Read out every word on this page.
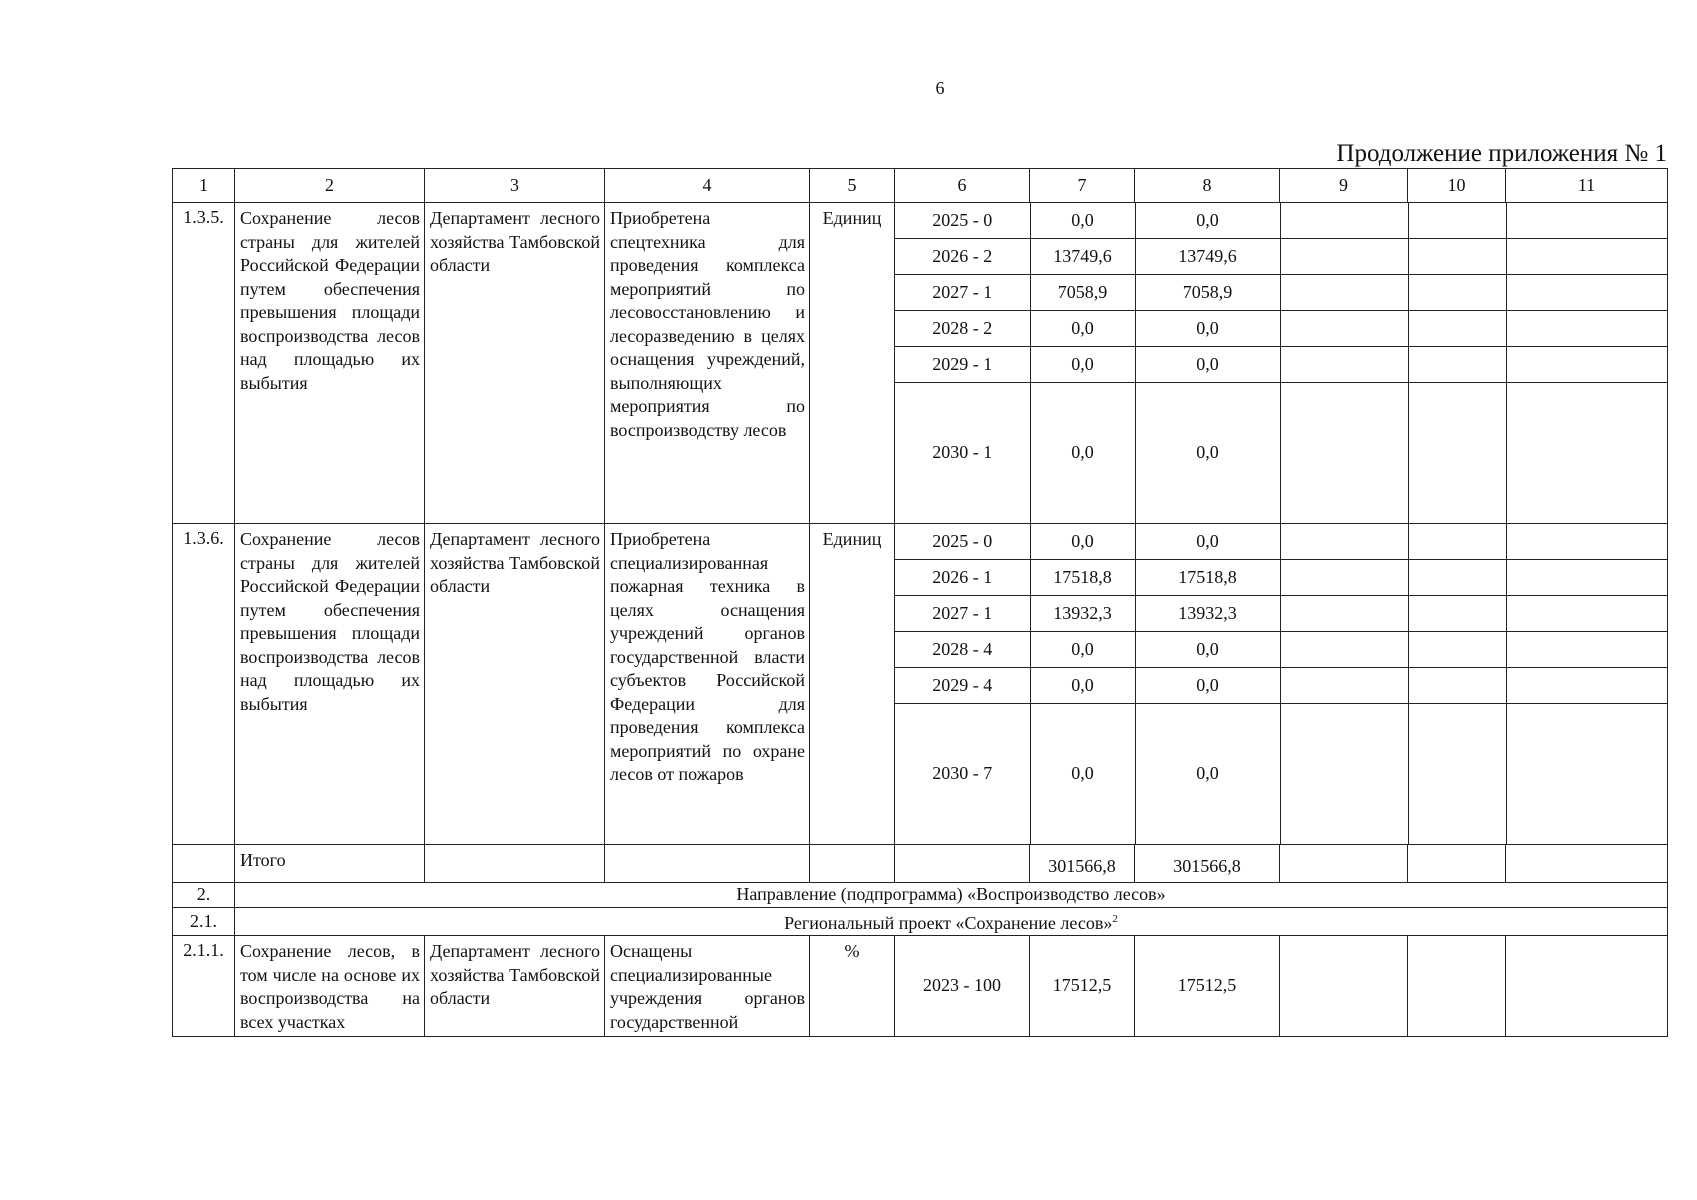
6
Продолжение приложения № 1
1	2	3	4	5	6	7	8	9	10	11
1.3.5.	Сохранение лесов страны для жителей Российской Федерации путем обеспечения превышения площади воспроизводства лесов над площадью их выбытия	Департамент лесного хозяйства Тамбовской области	Приобретена спецтехника для проведения комплекса мероприятий по лесовосстановлению и лесоразведению в целях оснащения учреждений, выполняющих мероприятия по воспроизводству лесов	Единиц		2025 - 0	0,0	0,0			
2026 - 2	13749,6	13749,6			
2027 - 1	7058,9	7058,9			
2028 - 2	0,0	0,0			
2029 - 1	0,0	0,0			
2030 - 1	0,0	0,0			

1.3.6.	Сохранение лесов страны для жителей Российской Федерации путем обеспечения превышения площади воспроизводства лесов над площадью их выбытия	Департамент лесного хозяйства Тамбовской области	Приобретена специализированная пожарная техника в целях оснащения учреждений органов государственной власти субъектов Российской Федерации для проведения комплекса мероприятий по охране лесов от пожаров	Единиц		2025 - 0	0,0	0,0			
2026 - 1	17518,8	17518,8			
2027 - 1	13932,3	13932,3			
2028 - 4	0,0	0,0			
2029 - 4	0,0	0,0			
2030 - 7	0,0	0,0			

	Итого					301566,8	301566,8			
2.	Направление (подпрограмма) «Воспроизводство лесов»
2.1.	Региональный проект «Сохранение лесов»$^2$
2.1.1.	Сохранение лесов, в том числе на основе их воспроизводства на всех участках	Департамент лесного хозяйства Тамбовской области	Оснащены специализированные учреждения органов государственной	%	2023 - 100	17512,5	17512,5			
